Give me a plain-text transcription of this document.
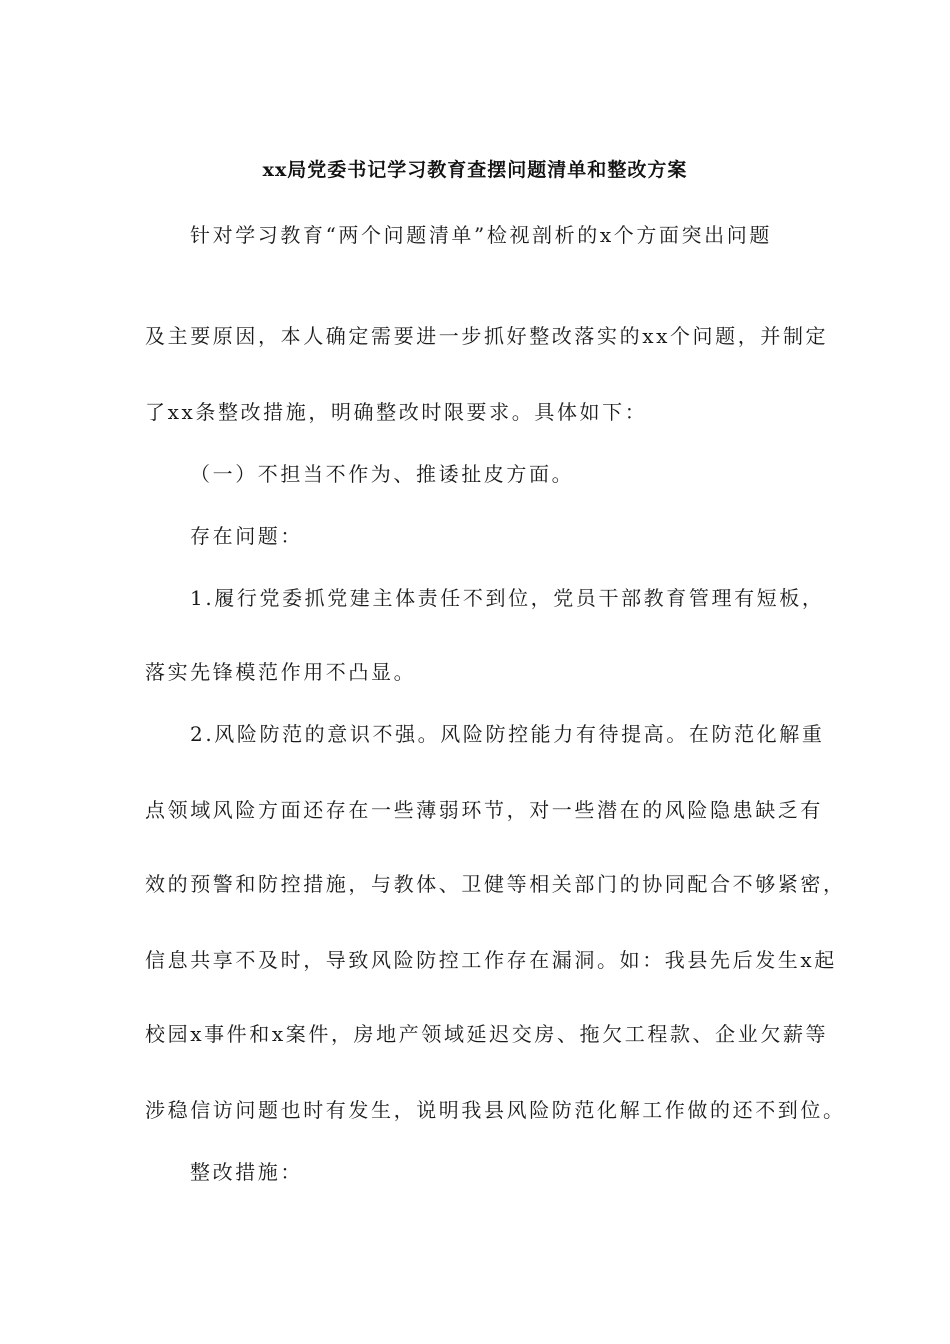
xx局党委书记学习教育查摆问题清单和整改方案
针对学习教育“两个问题清单”检视剖析的x个方面突出问题
及主要原因，本人确定需要进一步抓好整改落实的xx个问题，并制定
了xx条整改措施，明确整改时限要求。具体如下：
（一）不担当不作为、推诿扯皮方面。
存在问题：
1.履行党委抓党建主体责任不到位，党员干部教育管理有短板，
落实先锋模范作用不凸显。
2.风险防范的意识不强。风险防控能力有待提高。在防范化解重
点领域风险方面还存在一些薄弱环节，对一些潜在的风险隐患缺乏有
效的预警和防控措施，与教体、卫健等相关部门的协同配合不够紧密，
信息共享不及时，导致风险防控工作存在漏洞。如：我县先后发生x起
校园x事件和x案件，房地产领域延迟交房、拖欠工程款、企业欠薪等
涉稳信访问题也时有发生，说明我县风险防范化解工作做的还不到位。
整改措施：
